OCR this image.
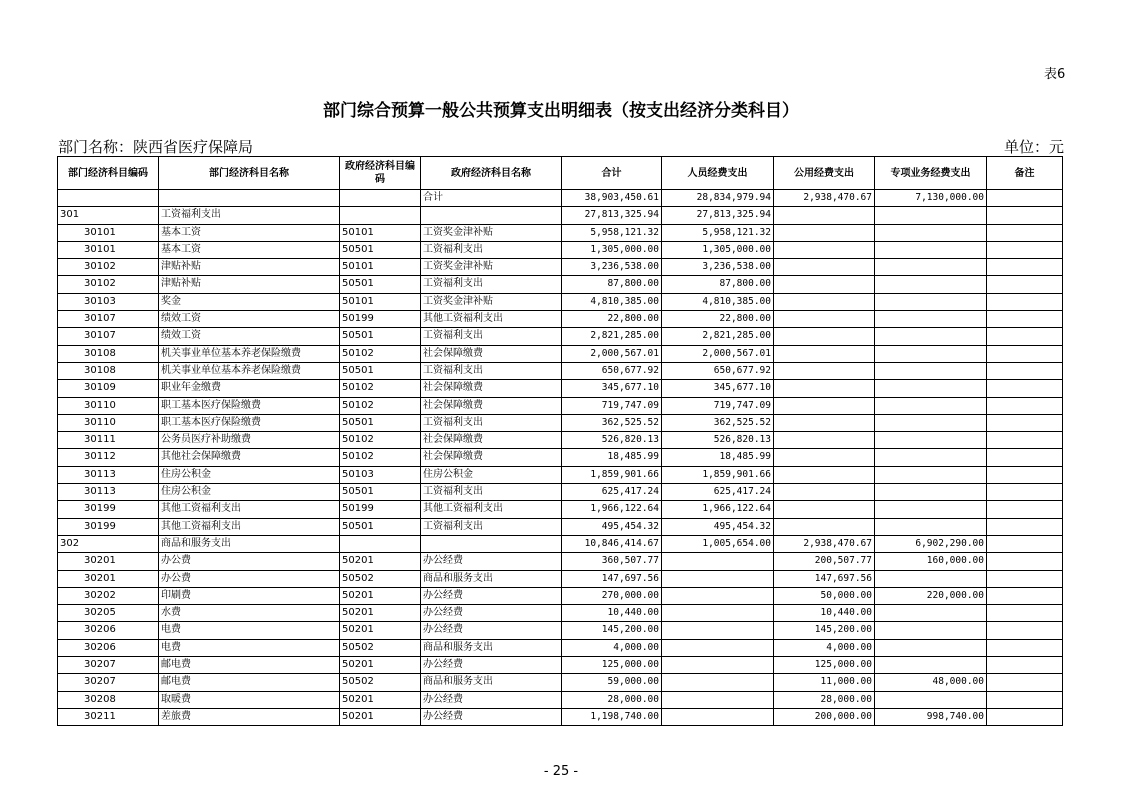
表6
部门综合预算一般公共预算支出明细表（按支出经济分类科目）
部门名称：陕西省医疗保障局	单位：元
部门经济科目编码	部门经济科目名称	政府经济科目编码	政府经济科目名称	合计	人员经费支出	公用经费支出	专项业务经费支出	备注
			合计	38,903,450.61	28,834,979.94	2,938,470.67	7,130,000.00	
301	工资福利支出			27,813,325.94	27,813,325.94			
30101	基本工资	50101	工资奖金津补贴	5,958,121.32	5,958,121.32			
30101	基本工资	50501	工资福利支出	1,305,000.00	1,305,000.00			
30102	津贴补贴	50101	工资奖金津补贴	3,236,538.00	3,236,538.00			
30102	津贴补贴	50501	工资福利支出	87,800.00	87,800.00			
30103	奖金	50101	工资奖金津补贴	4,810,385.00	4,810,385.00			
30107	绩效工资	50199	其他工资福利支出	22,800.00	22,800.00			
30107	绩效工资	50501	工资福利支出	2,821,285.00	2,821,285.00			
30108	机关事业单位基本养老保险缴费	50102	社会保障缴费	2,000,567.01	2,000,567.01			
30108	机关事业单位基本养老保险缴费	50501	工资福利支出	650,677.92	650,677.92			
30109	职业年金缴费	50102	社会保障缴费	345,677.10	345,677.10			
30110	职工基本医疗保险缴费	50102	社会保障缴费	719,747.09	719,747.09			
30110	职工基本医疗保险缴费	50501	工资福利支出	362,525.52	362,525.52			
30111	公务员医疗补助缴费	50102	社会保障缴费	526,820.13	526,820.13			
30112	其他社会保障缴费	50102	社会保障缴费	18,485.99	18,485.99			
30113	住房公积金	50103	住房公积金	1,859,901.66	1,859,901.66			
30113	住房公积金	50501	工资福利支出	625,417.24	625,417.24			
30199	其他工资福利支出	50199	其他工资福利支出	1,966,122.64	1,966,122.64			
30199	其他工资福利支出	50501	工资福利支出	495,454.32	495,454.32			
302	商品和服务支出			10,846,414.67	1,005,654.00	2,938,470.67	6,902,290.00	
30201	办公费	50201	办公经费	360,507.77		200,507.77	160,000.00	
30201	办公费	50502	商品和服务支出	147,697.56		147,697.56		
30202	印刷费	50201	办公经费	270,000.00		50,000.00	220,000.00	
30205	水费	50201	办公经费	10,440.00		10,440.00		
30206	电费	50201	办公经费	145,200.00		145,200.00		
30206	电费	50502	商品和服务支出	4,000.00		4,000.00		
30207	邮电费	50201	办公经费	125,000.00		125,000.00		
30207	邮电费	50502	商品和服务支出	59,000.00		11,000.00	48,000.00	
30208	取暖费	50201	办公经费	28,000.00		28,000.00		
30211	差旅费	50201	办公经费	1,198,740.00		200,000.00	998,740.00	
- 25 -
